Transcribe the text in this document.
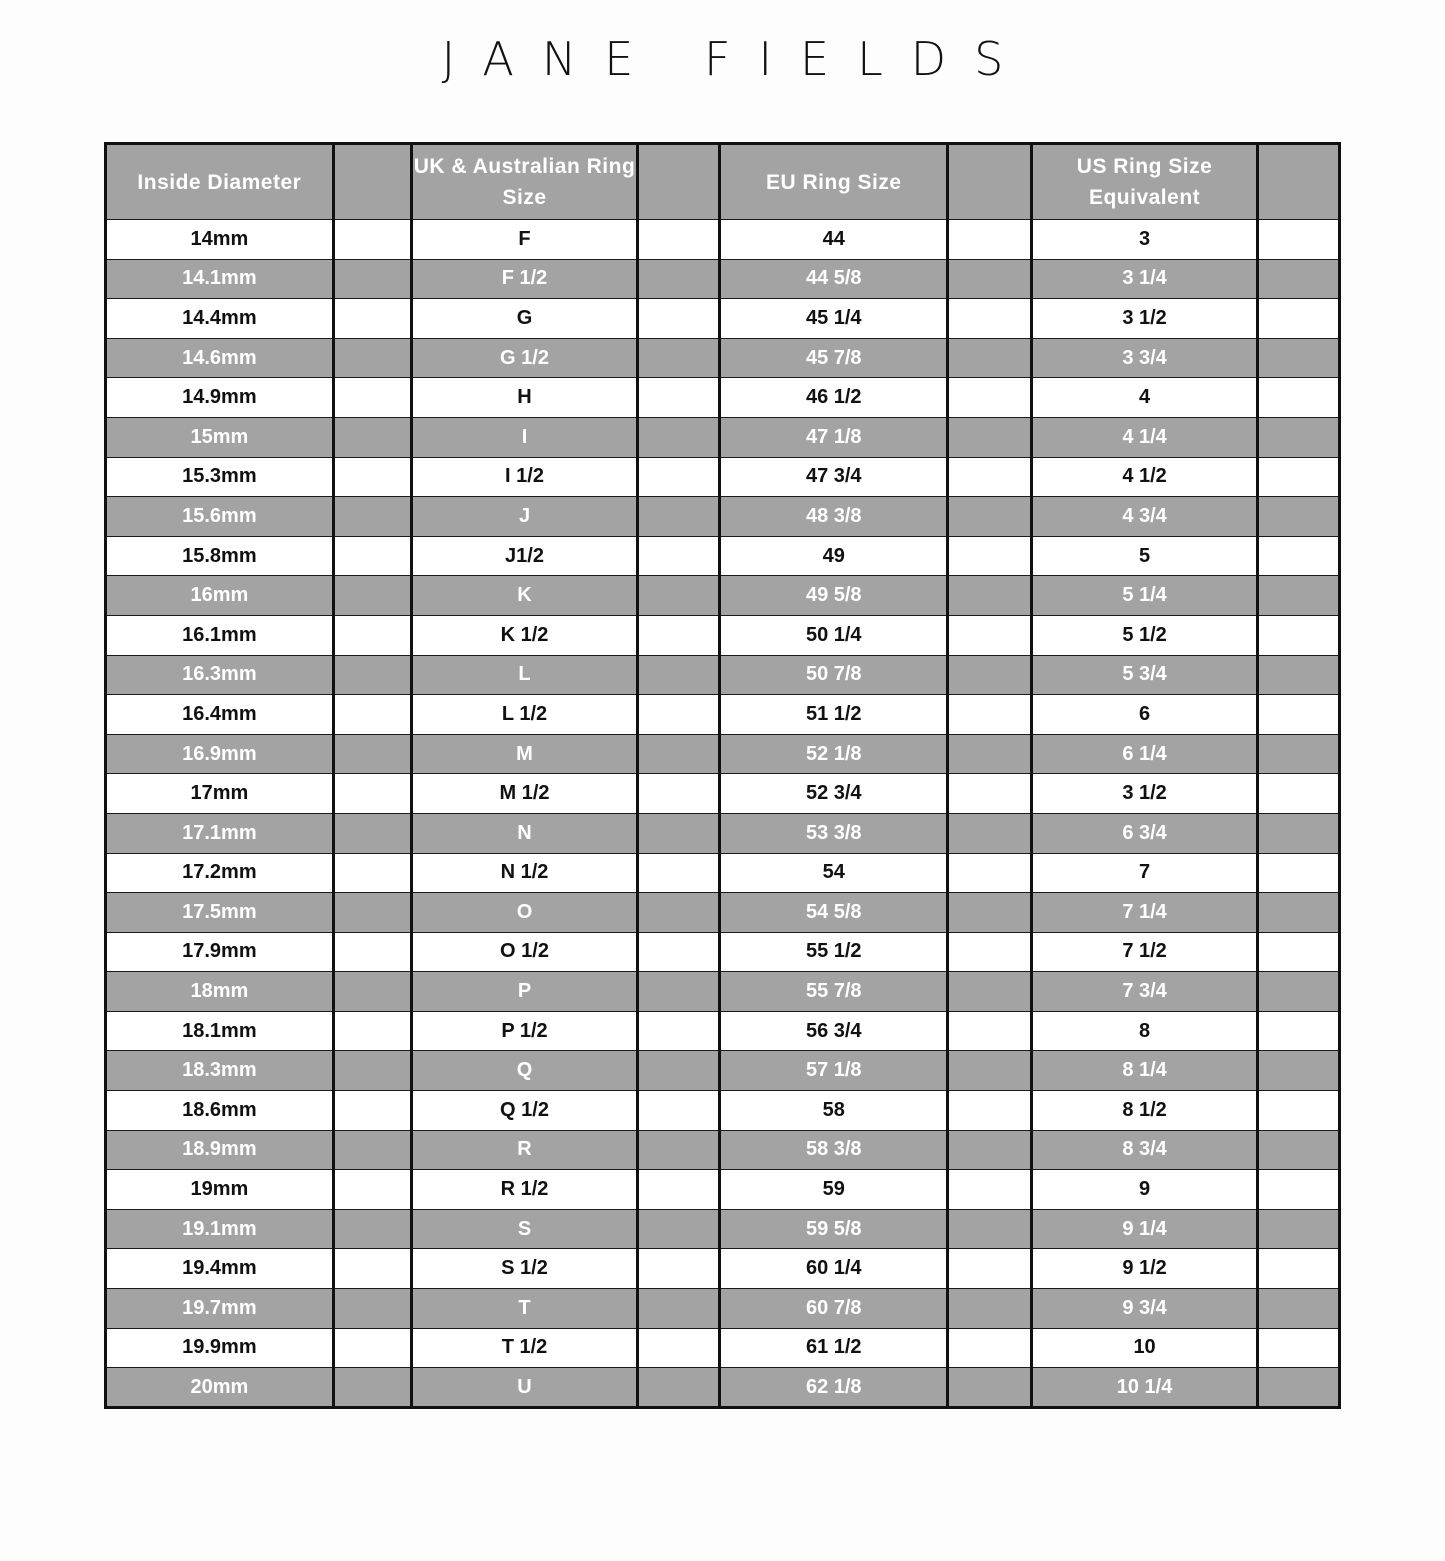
JANE FIELDS
Inside Diameter		UK & Australian Ring Size		EU Ring Size		US Ring Size Equivalent	
14mm		F		44		3	
14.1mm		F 1/2		44 5/8		3 1/4	
14.4mm		G		45 1/4		3 1/2	
14.6mm		G 1/2		45 7/8		3 3/4	
14.9mm		H		46 1/2		4	
15mm		I		47 1/8		4 1/4	
15.3mm		I 1/2		47 3/4		4 1/2	
15.6mm		J		48 3/8		4 3/4	
15.8mm		J1/2		49		5	
16mm		K		49 5/8		5 1/4	
16.1mm		K 1/2		50 1/4		5 1/2	
16.3mm		L		50 7/8		5 3/4	
16.4mm		L 1/2		51 1/2		6	
16.9mm		M		52 1/8		6 1/4	
17mm		M 1/2		52 3/4		3 1/2	
17.1mm		N		53 3/8		6 3/4	
17.2mm		N 1/2		54		7	
17.5mm		O		54 5/8		7 1/4	
17.9mm		O 1/2		55 1/2		7 1/2	
18mm		P		55 7/8		7 3/4	
18.1mm		P 1/2		56 3/4		8	
18.3mm		Q		57 1/8		8 1/4	
18.6mm		Q 1/2		58		8 1/2	
18.9mm		R		58 3/8		8 3/4	
19mm		R 1/2		59		9	
19.1mm		S		59 5/8		9 1/4	
19.4mm		S 1/2		60 1/4		9 1/2	
19.7mm		T		60 7/8		9 3/4	
19.9mm		T 1/2		61 1/2		10	
20mm		U		62 1/8		10 1/4	
